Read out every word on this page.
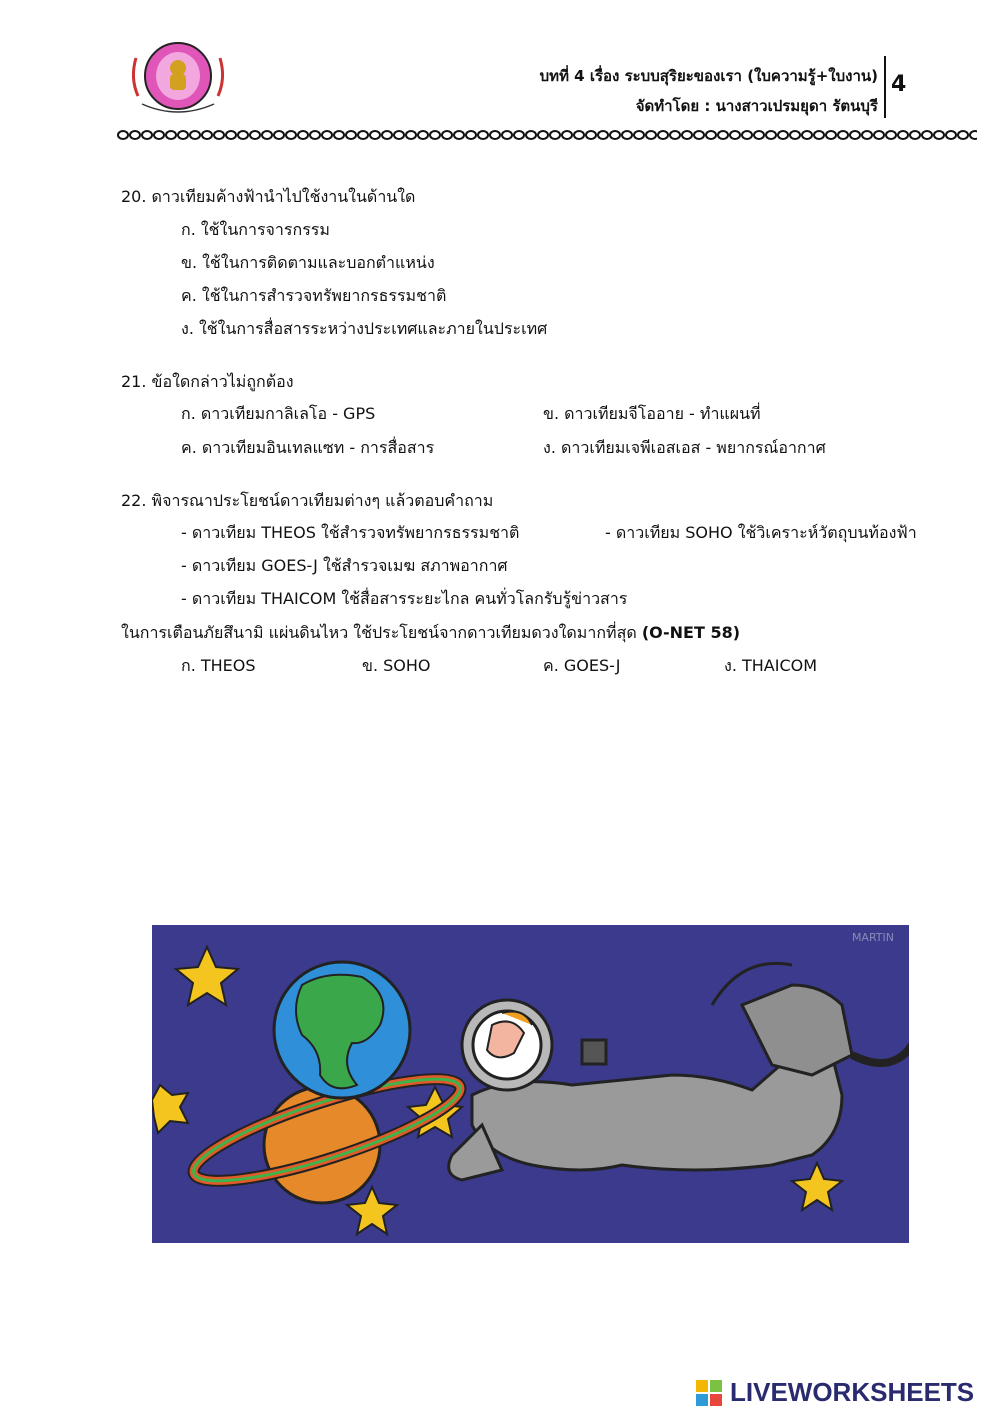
บทที่ 4 เรื่อง ระบบสุริยะของเรา (ใบความรู้+ใบงาน)
จัดทำโดย : นางสาวเปรมยุดา รัตนบุรี
4
20. ดาวเทียมค้างฟ้านำไปใช้งานในด้านใด
ก. ใช้ในการจารกรรม
ข. ใช้ในการติดตามและบอกตำแหน่ง
ค. ใช้ในการสำรวจทรัพยากรธรรมชาติ
ง. ใช้ในการสื่อสารระหว่างประเทศและภายในประเทศ
21. ข้อใดกล่าวไม่ถูกต้อง
ก. ดาวเทียมกาลิเลโอ - GPS	ข. ดาวเทียมจีโออาย - ทำแผนที่
ค. ดาวเทียมอินเทลแซท - การสื่อสาร	ง. ดาวเทียมเจพีเอสเอส - พยากรณ์อากาศ
22. พิจารณาประโยชน์ดาวเทียมต่างๆ แล้วตอบคำถาม
- ดาวเทียม THEOS ใช้สำรวจทรัพยากรธรรมชาติ	- ดาวเทียม SOHO ใช้วิเคราะห์วัตถุบนท้องฟ้า
- ดาวเทียม GOES-J ใช้สำรวจเมฆ สภาพอากาศ
- ดาวเทียม THAICOM ใช้สื่อสารระยะไกล คนทั่วโลกรับรู้ข่าวสาร
ในการเตือนภัยสึนามิ แผ่นดินไหว ใช้ประโยชน์จากดาวเทียมดวงใดมากที่สุด (O-NET 58)
ก. THEOS	ข. SOHO	ค. GOES-J	ง. THAICOM
MARTIN
LIVEWORKSHEETS
